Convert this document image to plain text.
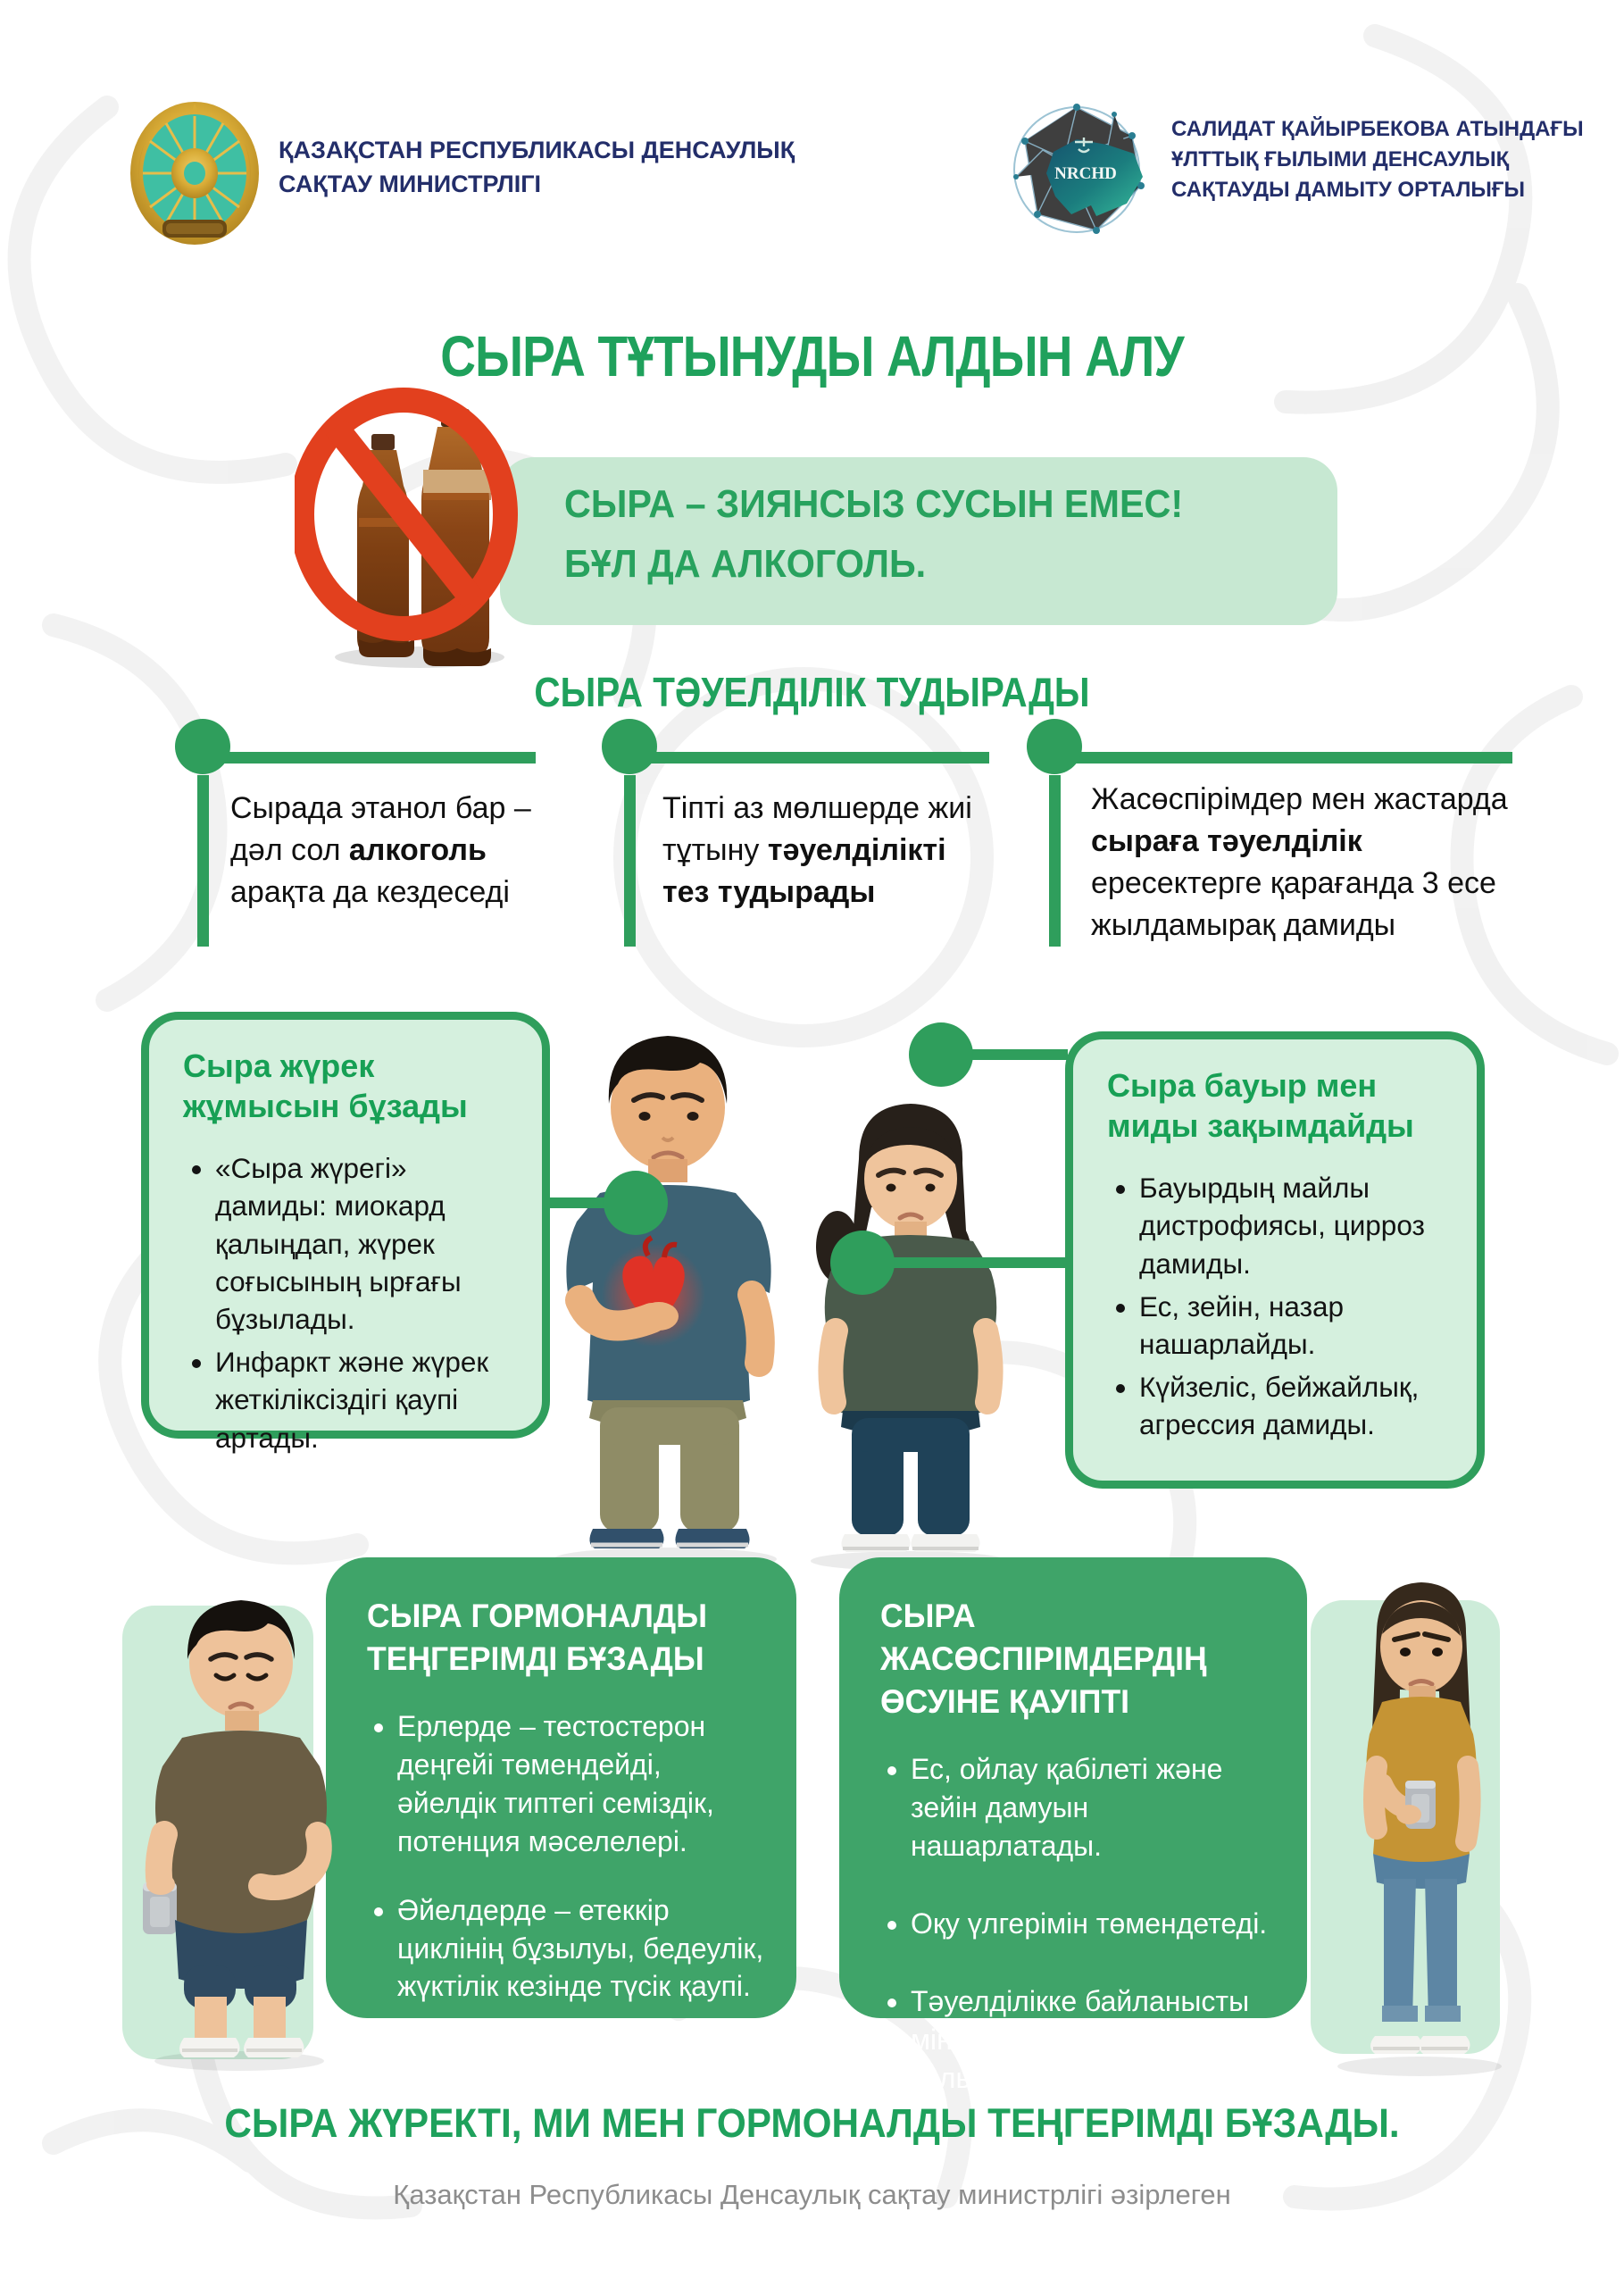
ҚАЗАҚСТАН РЕСПУБЛИКАСЫ ДЕНСАУЛЫҚ
САҚТАУ МИНИСТРЛІГІ	NRCHD
САЛИДАТ ҚАЙЫРБЕКОВА АТЫНДАҒЫ
ҰЛТТЫҚ ҒЫЛЫМИ ДЕНСАУЛЫҚ
САҚТАУДЫ ДАМЫТУ ОРТАЛЫҒЫ
СЫРА ТҰТЫНУДЫ АЛДЫН АЛУ
СЫРА – ЗИЯНСЫЗ СУСЫН ЕМЕС!
БҰЛ ДА АЛКОГОЛЬ.
СЫРА ТӘУЕЛДІЛІК ТУДЫРАДЫ
Сырада этанол бар – дәл сол алкоголь арақта да кездеседі
Тіпті аз мөлшерде жиі тұтыну тәуелділікті тез тудырады
Жасөспірімдер мен жастарда сыраға тәуелділік ересектерге қарағанда 3 есе жылдамырақ дамиды
Сыра жүрек жұмысын бұзады
• «Сыра жүрегі» дамиды: миокард қалыңдап, жүрек соғысының ырғағы бұзылады.
• Инфаркт және жүрек жеткіліксіздігі қаупі артады.
Сыра бауыр мен миды зақымдайды
• Бауырдың майлы дистрофиясы, цирроз дамиды.
• Ес, зейін, назар нашарлайды.
• Күйзеліс, бейжайлық, агрессия дамиды.
СЫРА ГОРМОНАЛДЫ
ТЕҢГЕРІМДІ БҰЗАДЫ
• Ерлерде – тестостерон деңгейі төмендейді, әйелдік типтегі семіздік, потенция мәселелері.
• Әйелдерде – етеккір циклінің бұзылуы, бедеулік, жүктілік кезінде түсік қаупі.
СЫРА ЖАСӨСПІРІМДЕРДІҢ
ӨСУІНЕ ҚАУІПТІ
• Ес, ойлау қабілеті және зейін дамуын нашарлатады.
• Оқу үлгерімін төмендетеді.
• Тәуелділікке байланысты мінез-құлық үлгісін қалыптастырады.
СЫРА ЖҮРЕКТІ, МИ МЕН ГОРМОНАЛДЫ ТЕҢГЕРІМДІ БҰЗАДЫ.
Қазақстан Республикасы Денсаулық сақтау министрлігі әзірлеген
